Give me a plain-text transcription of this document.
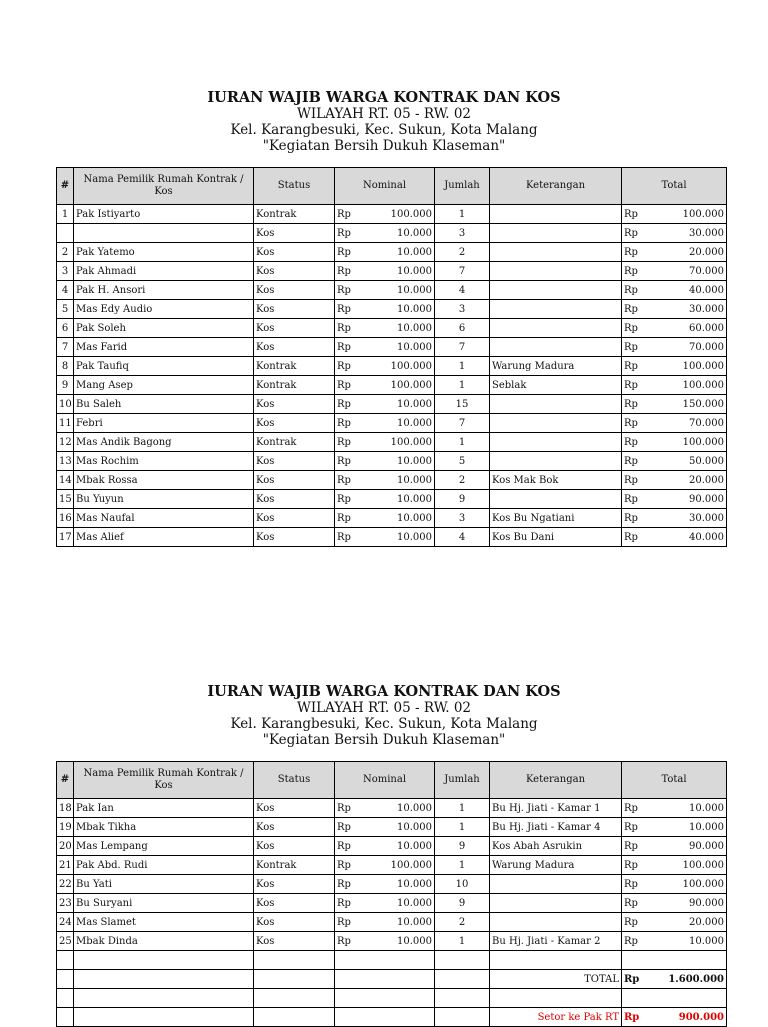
IURAN WAJIB WARGA KONTRAK DAN KOS
WILAYAH RT. 05 - RW. 02
Kel. Karangbesuki, Kec. Sukun, Kota Malang
"Kegiatan Bersih Dukuh Klaseman"
#	Nama Pemilik Rumah Kontrak / Kos	Status	Nominal	Jumlah	Keterangan	Total
1	Pak Istiyarto	Kontrak	Rp 100.000	1		Rp 100.000

		Kos	Rp 10.000	3		Rp 30.000

2	Pak Yatemo	Kos	Rp 10.000	2		Rp 20.000

3	Pak Ahmadi	Kos	Rp 10.000	7		Rp 70.000

4	Pak H. Ansori	Kos	Rp 10.000	4		Rp 40.000

5	Mas Edy Audio	Kos	Rp 10.000	3		Rp 30.000

6	Pak Soleh	Kos	Rp 10.000	6		Rp 60.000

7	Mas Farid	Kos	Rp 10.000	7		Rp 70.000

8	Pak Taufiq	Kontrak	Rp 100.000	1	Warung Madura	Rp 100.000

9	Mang Asep	Kontrak	Rp 100.000	1	Seblak	Rp 100.000

10	Bu Saleh	Kos	Rp 10.000	15		Rp 150.000

11	Febri	Kos	Rp 10.000	7		Rp 70.000

12	Mas Andik Bagong	Kontrak	Rp 100.000	1		Rp 100.000

13	Mas Rochim	Kos	Rp 10.000	5		Rp 50.000

14	Mbak Rossa	Kos	Rp 10.000	2	Kos Mak Bok	Rp 20.000

15	Bu Yuyun	Kos	Rp 10.000	9		Rp 90.000

16	Mas Naufal	Kos	Rp 10.000	3	Kos Bu Ngatiani	Rp 30.000

17	Mas Alief	Kos	Rp 10.000	4	Kos Bu Dani	Rp 40.000
IURAN WAJIB WARGA KONTRAK DAN KOS
WILAYAH RT. 05 - RW. 02
Kel. Karangbesuki, Kec. Sukun, Kota Malang
"Kegiatan Bersih Dukuh Klaseman"
#	Nama Pemilik Rumah Kontrak / Kos	Status	Nominal	Jumlah	Keterangan	Total
18	Pak Ian	Kos	Rp 10.000	1	Bu Hj. Jiati - Kamar 1	Rp 10.000

19	Mbak Tikha	Kos	Rp 10.000	1	Bu Hj. Jiati - Kamar 4	Rp 10.000

20	Mas Lempang	Kos	Rp 10.000	9	Kos Abah Asrukin	Rp 90.000

21	Pak Abd. Rudi	Kontrak	Rp 100.000	1	Warung Madura	Rp 100.000

22	Bu Yati	Kos	Rp 10.000	10		Rp 100.000

23	Bu Suryani	Kos	Rp 10.000	9		Rp 90.000

24	Mas Slamet	Kos	Rp 10.000	2		Rp 20.000

25	Mbak Dinda	Kos	Rp 10.000	1	Bu Hj. Jiati - Kamar 2	Rp 10.000

					TOTAL	Rp 1.600.000

					Setor ke Pak RT	Rp 900.000
